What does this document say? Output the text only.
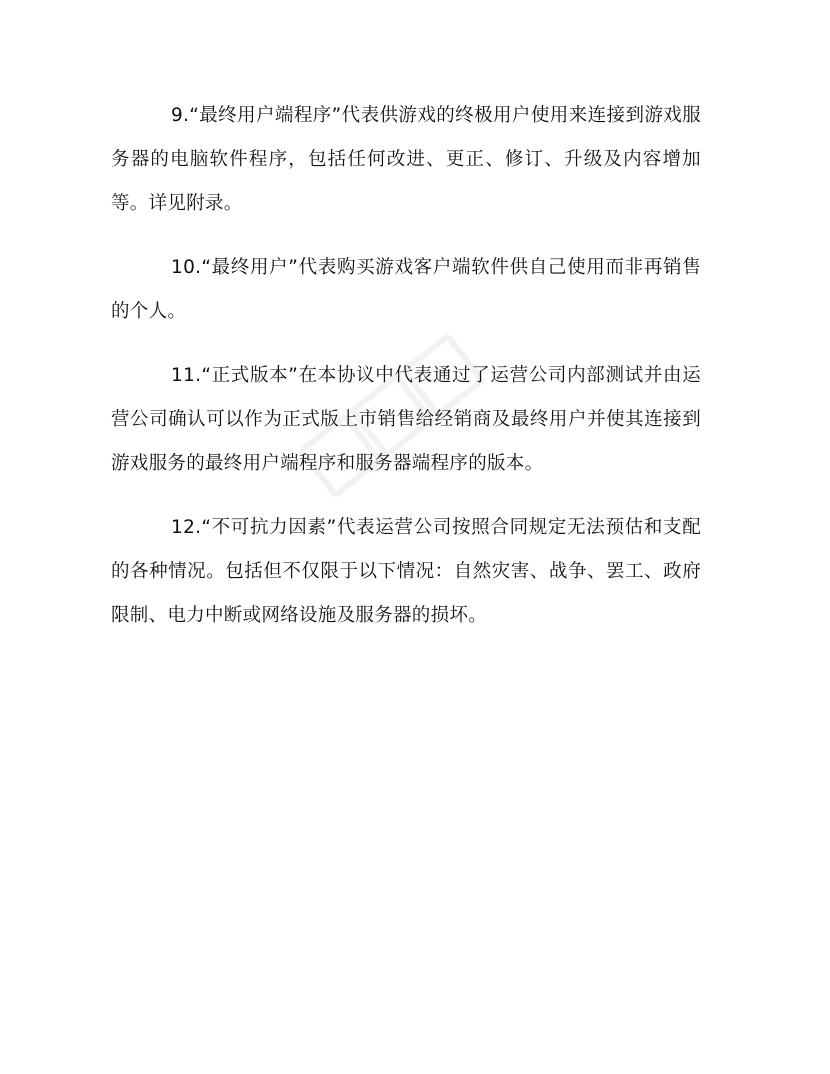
9.“最终用户端程序”代表供游戏的终极用户使用来连接到游戏服务器的电脑软件程序，包括任何改进、更正、修订、升级及内容增加等。详见附录。

10.“最终用户”代表购买游戏客户端软件供自己使用而非再销售的个人。

11.“正式版本”在本协议中代表通过了运营公司内部测试并由运营公司确认可以作为正式版上市销售给经销商及最终用户并使其连接到游戏服务的最终用户端程序和服务器端程序的版本。

12.“不可抗力因素”代表运营公司按照合同规定无法预估和支配的各种情况。包括但不仅限于以下情况：自然灾害、战争、罢工、政府限制、电力中断或网络设施及服务器的损坏。
